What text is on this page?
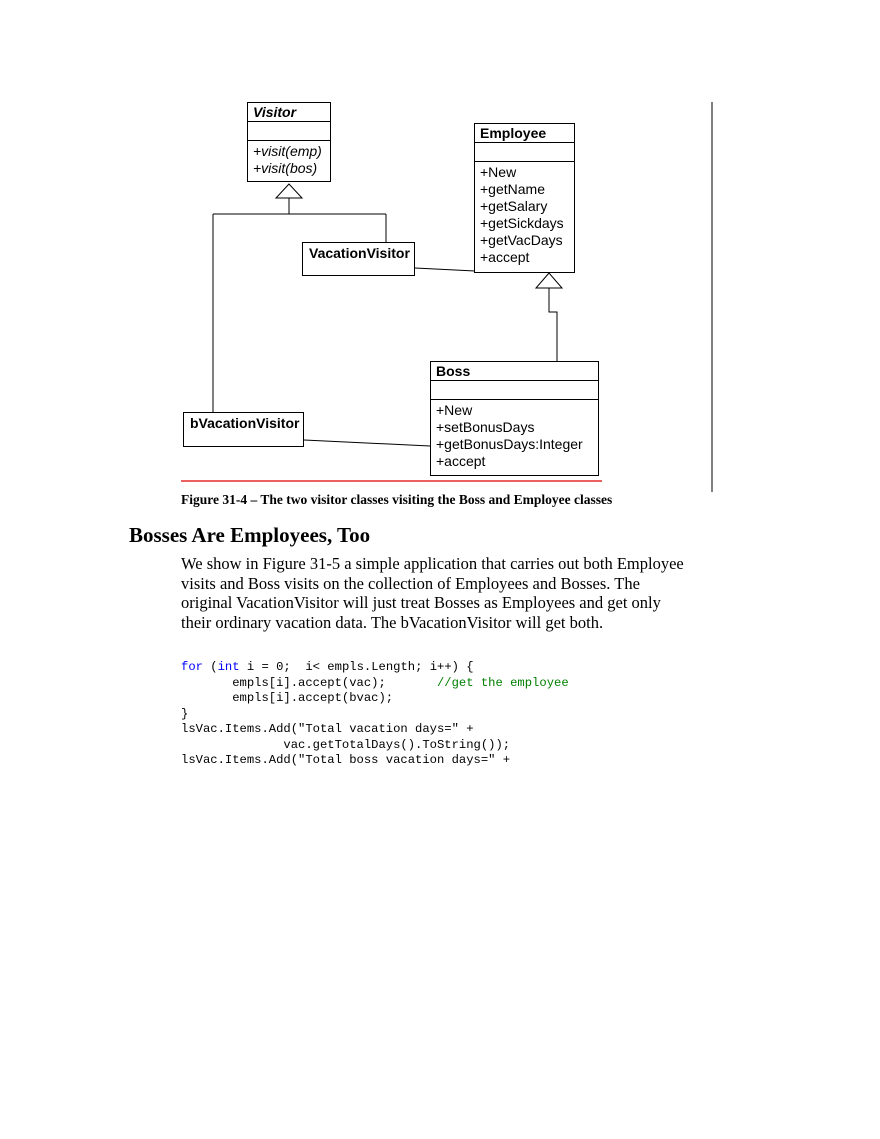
Visitor
+visit(emp)
+visit(bos)
Employee
+New
+getName
+getSalary
+getSickdays
+getVacDays
+accept
VacationVisitor
Boss
+New
+setBonusDays
+getBonusDays:Integer
+accept
bVacationVisitor
Figure 31-4 – The two visitor classes visiting the Boss and Employee classes
Bosses Are Employees, Too
We show in Figure 31-5 a simple application that carries out both Employee visits and Boss visits on the collection of Employees and Bosses. The original VacationVisitor will just treat Bosses as Employees and get only their ordinary vacation data. The bVacationVisitor will get both.
for (int i = 0;  i< empls.Length; i++) {
empls[i].accept(vac);       //get the employee
empls[i].accept(bvac);
}
lsVac.Items.Add("Total vacation days=" +
vac.getTotalDays().ToString());
lsVac.Items.Add("Total boss vacation days=" +
